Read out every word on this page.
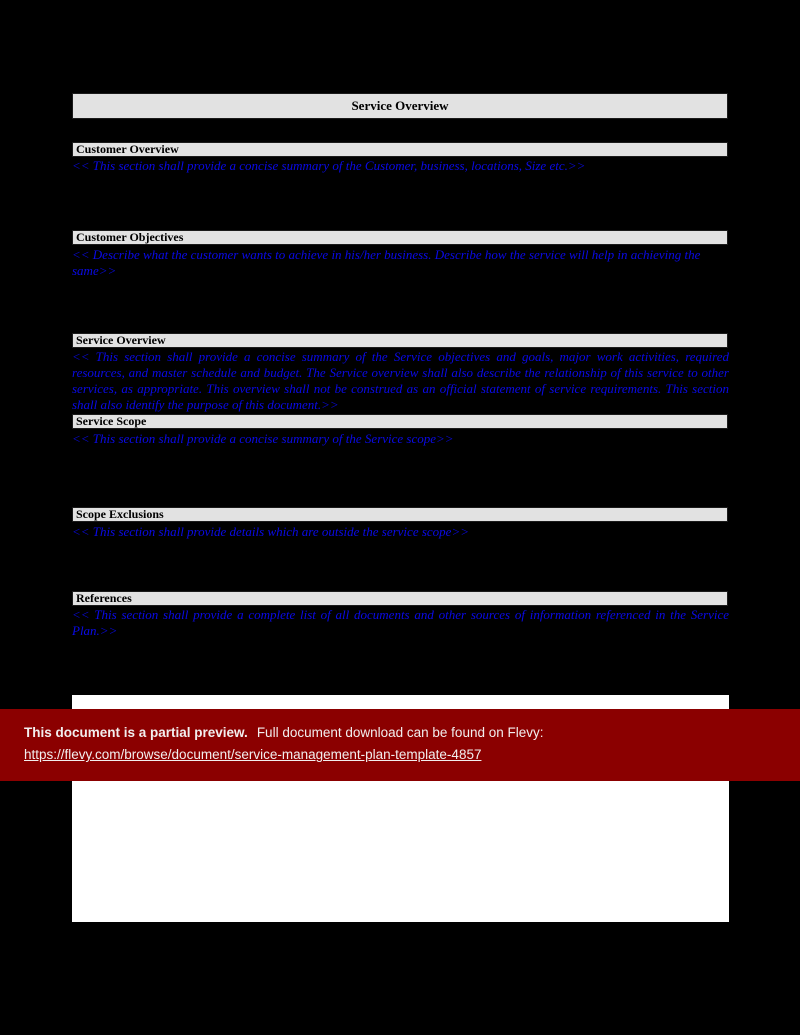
Service Overview
Customer Overview
<< This section shall provide a concise summary of the Customer, business, locations, Size etc.>>
Customer Objectives
<< Describe what the customer wants to achieve in his/her business. Describe how the service will help in achieving the same>>
Service Overview
<< This section shall provide a concise summary of the Service objectives and goals, major work activities, required resources, and master schedule and budget. The Service overview shall also describe the relationship of this service to other services, as appropriate. This overview shall not be construed as an official statement of service requirements. This section shall also identify the purpose of this document.>>
Service Scope
<< This section shall provide a concise summary of the Service scope>>
Scope Exclusions
<< This section shall provide details which are outside the service scope>>
References
<< This section shall provide a complete list of all documents and other sources of information referenced in the Service Plan.>>
This document is a partial preview. Full document download can be found on Flevy:
https://flevy.com/browse/document/service-management-plan-template-4857
